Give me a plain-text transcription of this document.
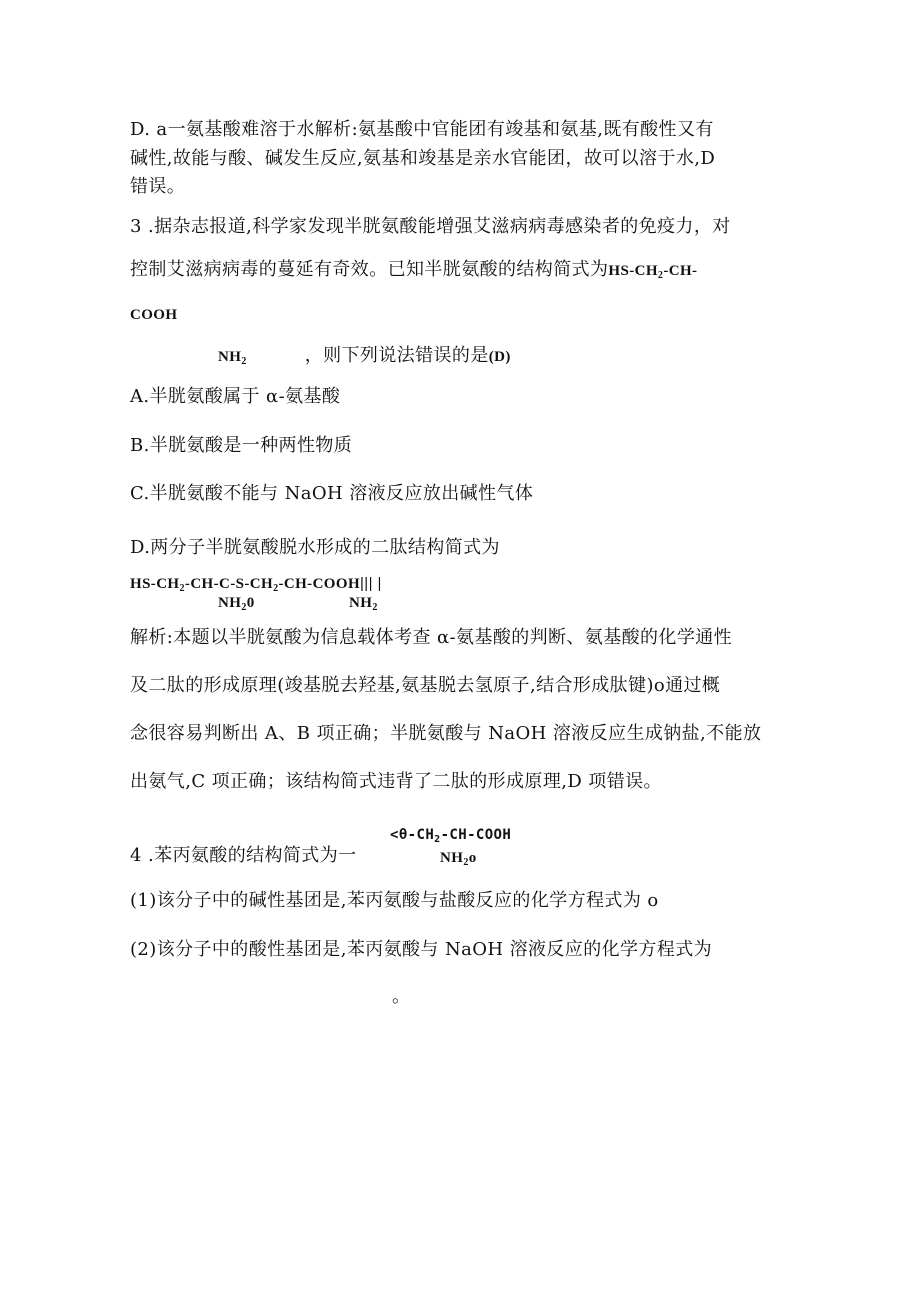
D. a一氨基酸难溶于水解析:氨基酸中官能团有竣基和氨基,既有酸性又有
碱性,故能与酸、碱发生反应,氨基和竣基是亲水官能团，故可以溶于水,D
错误。
3 .据杂志报道,科学家发现半胱氨酸能增强艾滋病病毒感染者的免疫力，对
控制艾滋病病毒的蔓延有奇效。已知半胱氨酸的结构简式为$HS-CH_2-CH-$
COOH
$NH_2$	，则下列说法错误的是(D)
A.半胱氨酸属于 α-氨基酸
B.半胱氨酸是一种两性物质
C.半胱氨酸不能与 NaOH 溶液反应放出碱性气体
D.两分子半胱氨酸脱水形成的二肽结构简式为
$HS-CH_2-CH-C-S-CH_2-CH-COOH|||$ |
$NH_20$	$NH_2$
解析:本题以半胱氨酸为信息载体考查 α-氨基酸的判断、氨基酸的化学通性
及二肽的形成原理(竣基脱去羟基,氨基脱去氢原子,结合形成肽键)o通过概
念很容易判断出 A、B 项正确；半胱氨酸与 NaOH 溶液反应生成钠盐,不能放
出氨气,C 项正确；该结构简式违背了二肽的形成原理,D 项错误。
$<\theta-CH_2-CH$-COOH
4 .苯丙氨酸的结构简式为一	$NH_2o$
(1)该分子中的碱性基团是,苯丙氨酸与盐酸反应的化学方程式为 o
(2)该分子中的酸性基团是,苯丙氨酸与 NaOH 溶液反应的化学方程式为
。
